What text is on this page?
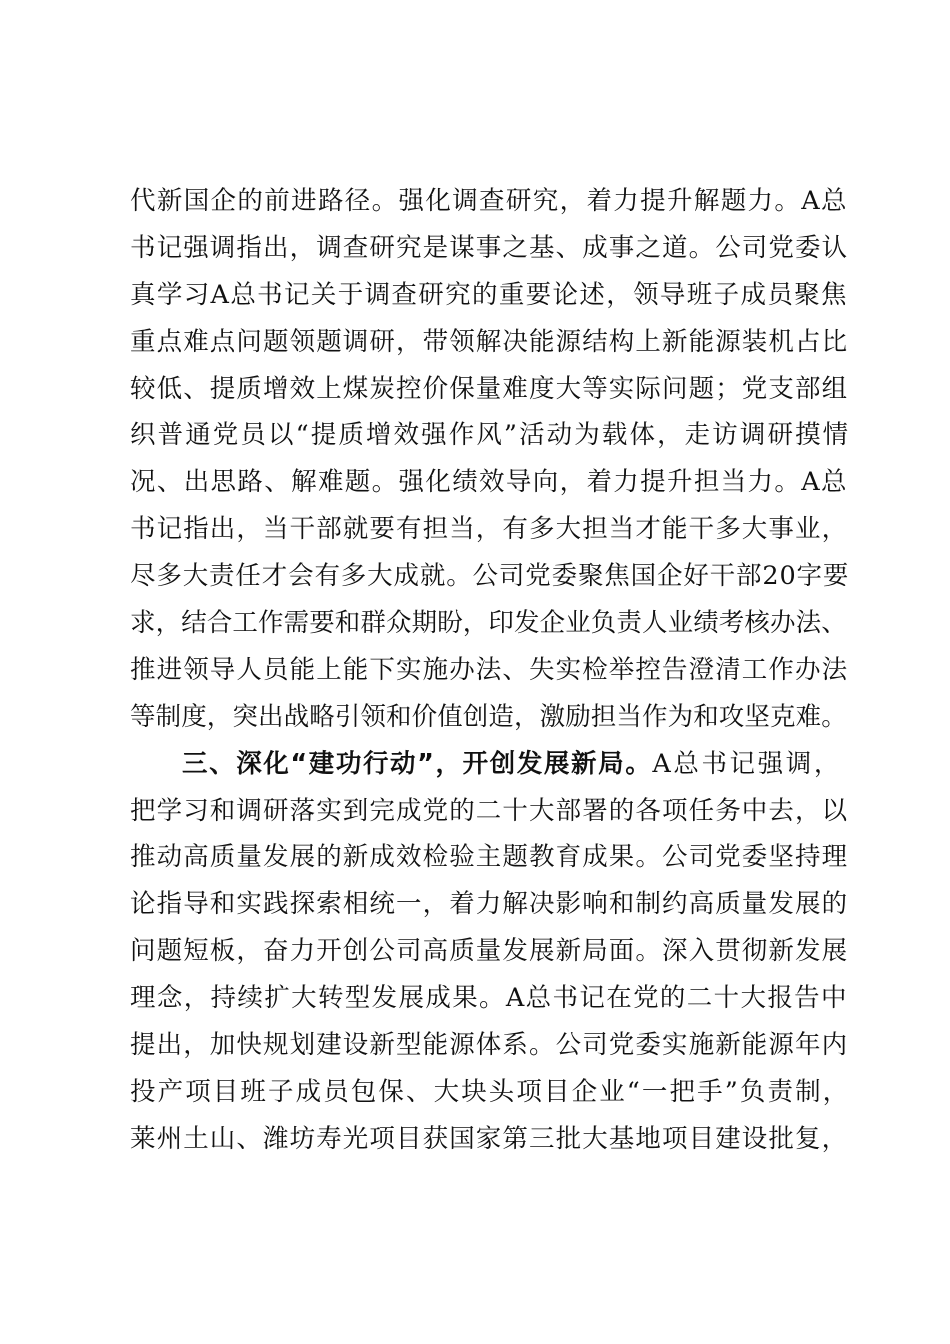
代新国企的前进路径。强化调查研究，着力提升解题力。A总
书记强调指出，调查研究是谋事之基、成事之道。公司党委认
真学习A总书记关于调查研究的重要论述，领导班子成员聚焦
重点难点问题领题调研，带领解决能源结构上新能源装机占比
较低、提质增效上煤炭控价保量难度大等实际问题；党支部组
织普通党员以“提质增效强作风”活动为载体，走访调研摸情
况、出思路、解难题。强化绩效导向，着力提升担当力。A总
书记指出，当干部就要有担当，有多大担当才能干多大事业，
尽多大责任才会有多大成就。公司党委聚焦国企好干部20字要
求，结合工作需要和群众期盼，印发企业负责人业绩考核办法、
推进领导人员能上能下实施办法、失实检举控告澄清工作办法
等制度，突出战略引领和价值创造，激励担当作为和攻坚克难。
三、深化“建功行动”，开创发展新局。A总书记强调，
把学习和调研落实到完成党的二十大部署的各项任务中去，以
推动高质量发展的新成效检验主题教育成果。公司党委坚持理
论指导和实践探索相统一，着力解决影响和制约高质量发展的
问题短板，奋力开创公司高质量发展新局面。深入贯彻新发展
理念，持续扩大转型发展成果。A总书记在党的二十大报告中
提出，加快规划建设新型能源体系。公司党委实施新能源年内
投产项目班子成员包保、大块头项目企业“一把手”负责制，
莱州土山、潍坊寿光项目获国家第三批大基地项目建设批复，
